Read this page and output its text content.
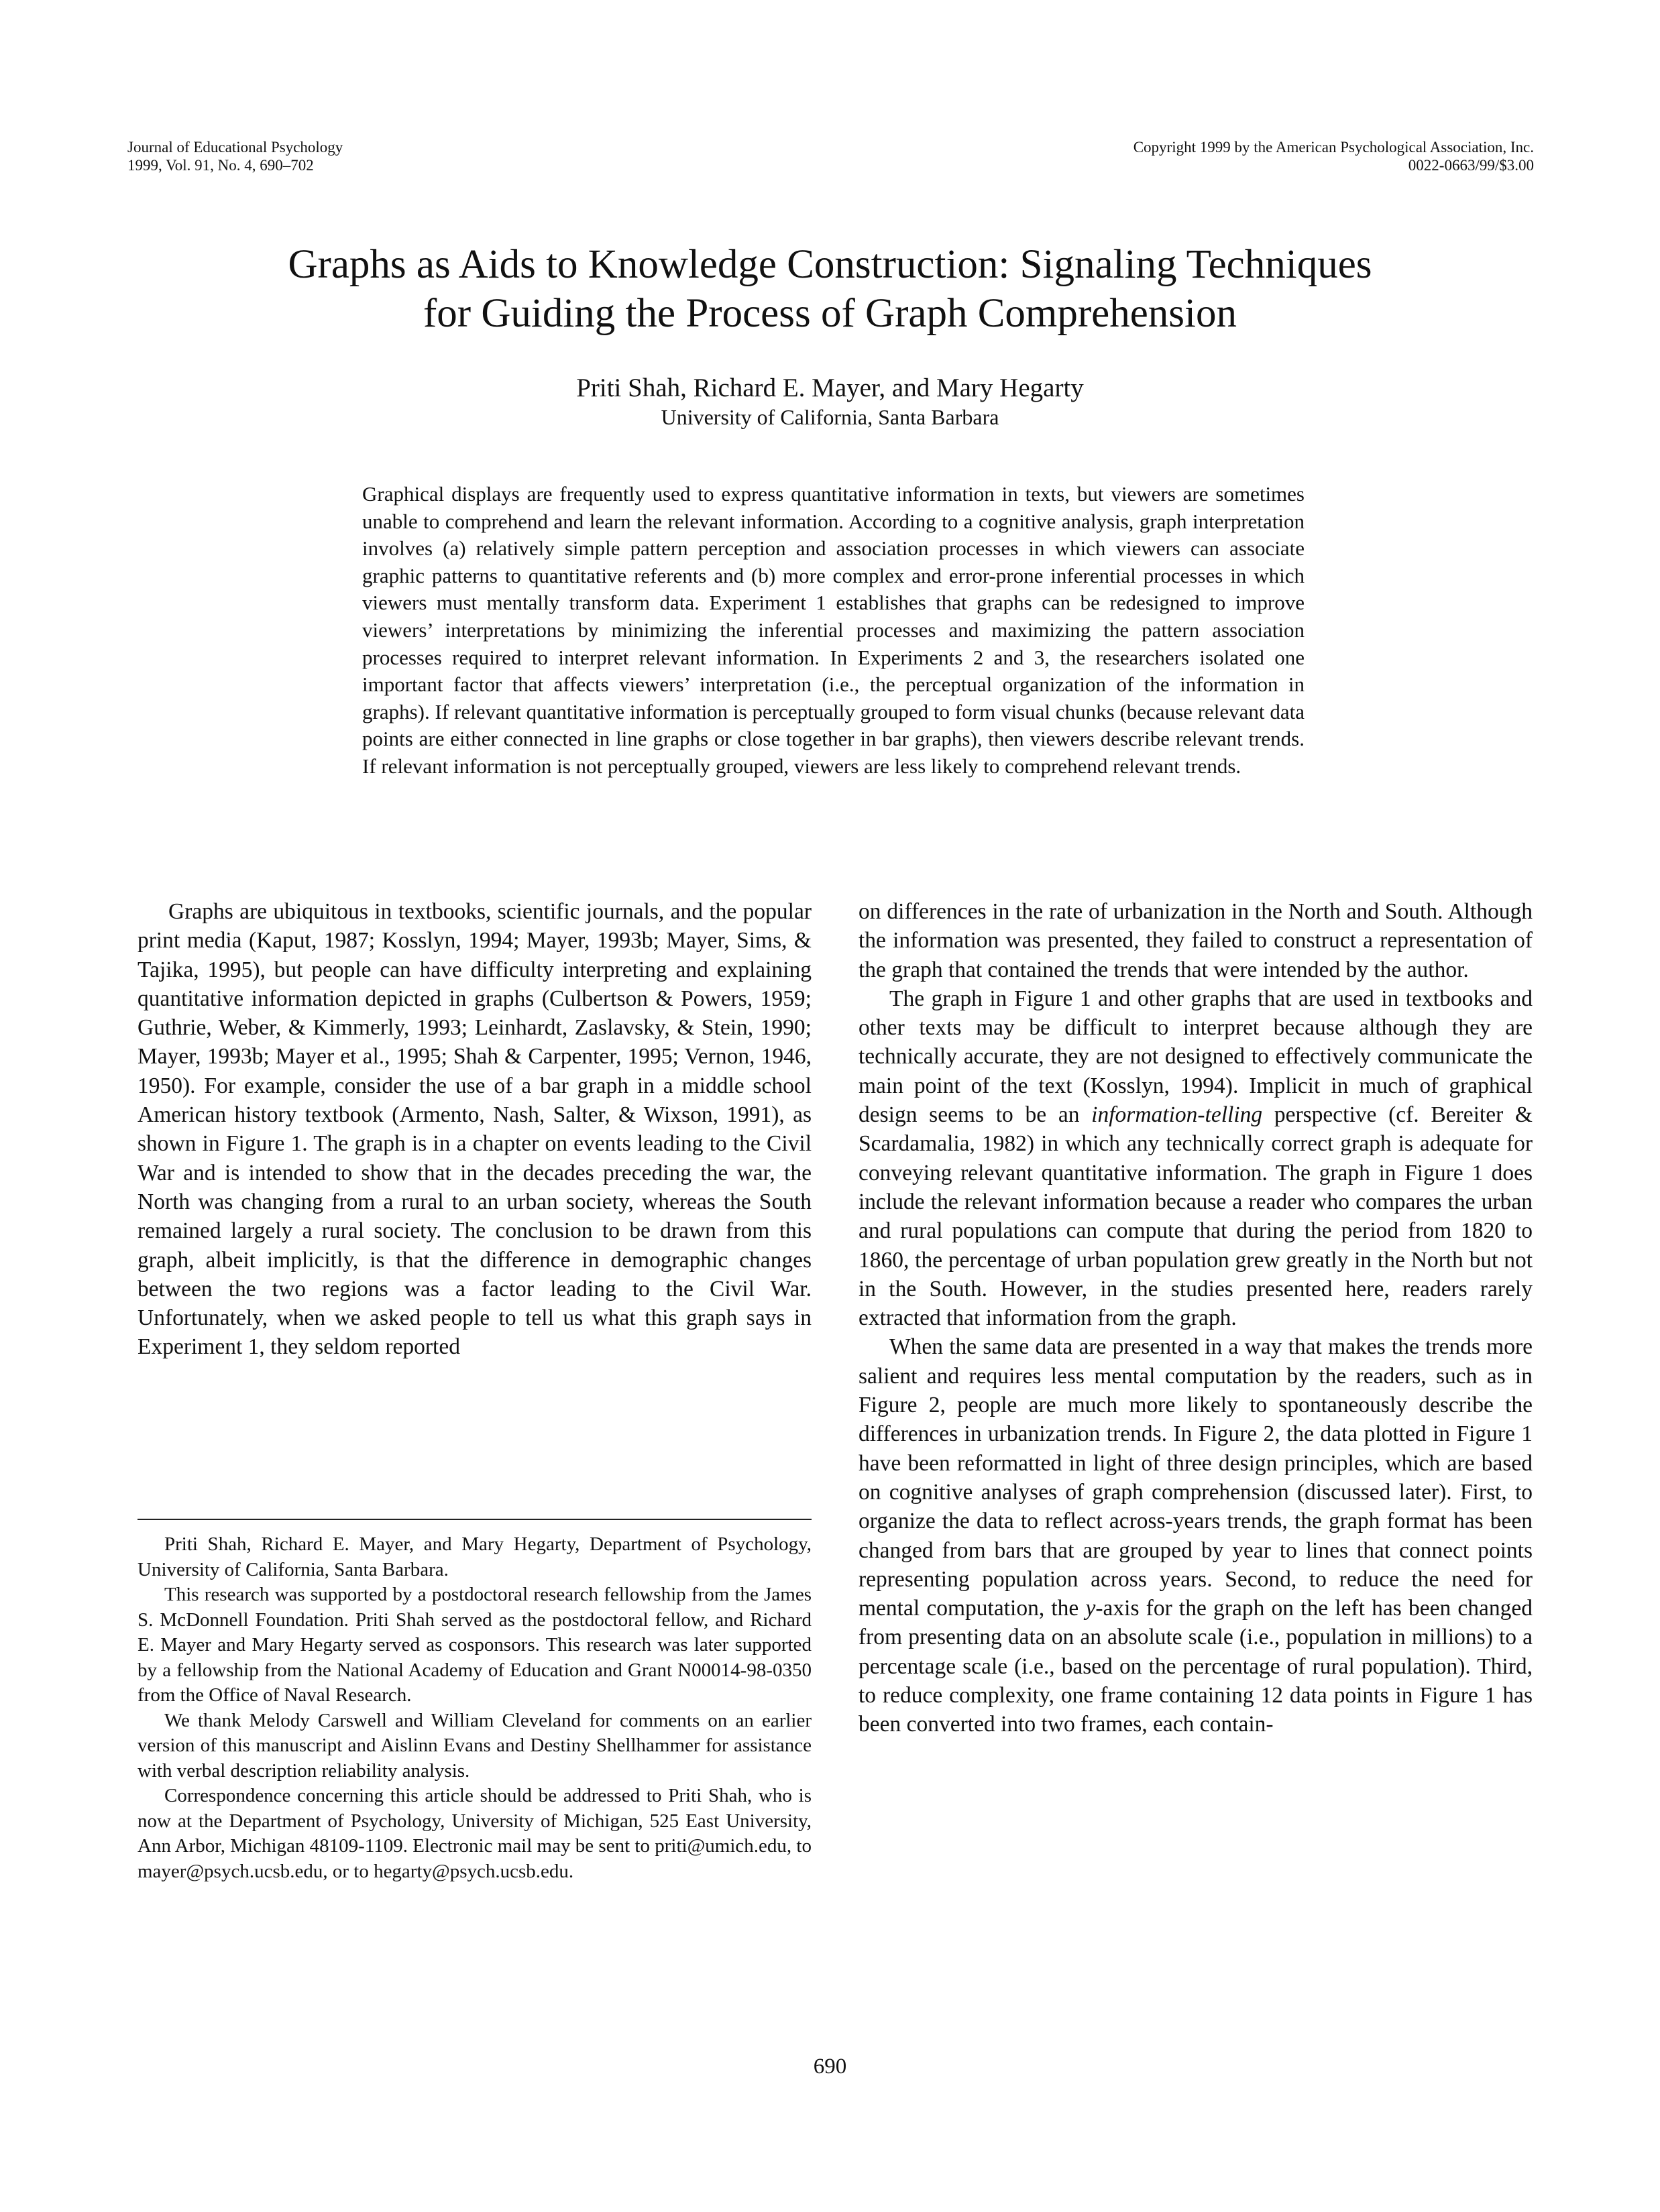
Journal of Educational Psychology
1999, Vol. 91, No. 4, 690–702
Copyright 1999 by the American Psychological Association, Inc.
0022-0663/99/$3.00
Graphs as Aids to Knowledge Construction: Signaling Techniques
for Guiding the Process of Graph Comprehension
Priti Shah, Richard E. Mayer, and Mary Hegarty
University of California, Santa Barbara

Graphical displays are frequently used to express quantitative information in texts, but viewers are sometimes unable to comprehend and learn the relevant information. According to a cognitive analysis, graph interpretation involves (a) relatively simple pattern perception and association processes in which viewers can associate graphic patterns to quantitative referents and (b) more complex and error-prone inferential processes in which viewers must mentally transform data. Experiment 1 establishes that graphs can be redesigned to improve viewers’ interpretations by minimizing the inferential processes and maximizing the pattern association processes required to interpret relevant information. In Experiments 2 and 3, the researchers isolated one important factor that affects viewers’ interpretation (i.e., the perceptual organization of the information in graphs). If relevant quantitative information is perceptually grouped to form visual chunks (because relevant data points are either connected in line graphs or close together in bar graphs), then viewers describe relevant trends. If relevant information is not perceptually grouped, viewers are less likely to comprehend relevant trends.

Graphs are ubiquitous in textbooks, scientific journals, and the popular print media (Kaput, 1987; Kosslyn, 1994; Mayer, 1993b; Mayer, Sims, & Tajika, 1995), but people can have difficulty interpreting and explaining quantitative information depicted in graphs (Culbertson & Powers, 1959; Guthrie, Weber, & Kimmerly, 1993; Leinhardt, Zaslavsky, & Stein, 1990; Mayer, 1993b; Mayer et al., 1995; Shah & Carpenter, 1995; Vernon, 1946, 1950). For example, consider the use of a bar graph in a middle school American history textbook (Armento, Nash, Salter, & Wixson, 1991), as shown in Figure 1. The graph is in a chapter on events leading to the Civil War and is intended to show that in the decades preceding the war, the North was changing from a rural to an urban society, whereas the South remained largely a rural society. The conclusion to be drawn from this graph, albeit implicitly, is that the difference in demographic changes between the two regions was a factor leading to the Civil War. Unfortunately, when we asked people to tell us what this graph says in Experiment 1, they seldom reported

Priti Shah, Richard E. Mayer, and Mary Hegarty, Department of Psychology, University of California, Santa Barbara.

This research was supported by a postdoctoral research fellowship from the James S. McDonnell Foundation. Priti Shah served as the postdoctoral fellow, and Richard E. Mayer and Mary Hegarty served as cosponsors. This research was later supported by a fellowship from the National Academy of Education and Grant N00014-98-0350 from the Office of Naval Research.

We thank Melody Carswell and William Cleveland for comments on an earlier version of this manuscript and Aislinn Evans and Destiny Shellhammer for assistance with verbal description reliability analysis.

Correspondence concerning this article should be addressed to Priti Shah, who is now at the Department of Psychology, University of Michigan, 525 East University, Ann Arbor, Michigan 48109-1109. Electronic mail may be sent to priti@umich.edu, to mayer@psych.ucsb.edu, or to hegarty@psych.ucsb.edu.

on differences in the rate of urbanization in the North and South. Although the information was presented, they failed to construct a representation of the graph that contained the trends that were intended by the author.

The graph in Figure 1 and other graphs that are used in textbooks and other texts may be difficult to interpret because although they are technically accurate, they are not designed to effectively communicate the main point of the text (Kosslyn, 1994). Implicit in much of graphical design seems to be an information-telling perspective (cf. Bereiter & Scardamalia, 1982) in which any technically correct graph is adequate for conveying relevant quantitative information. The graph in Figure 1 does include the relevant information because a reader who compares the urban and rural populations can compute that during the period from 1820 to 1860, the percentage of urban population grew greatly in the North but not in the South. However, in the studies presented here, readers rarely extracted that information from the graph.

When the same data are presented in a way that makes the trends more salient and requires less mental computation by the readers, such as in Figure 2, people are much more likely to spontaneously describe the differences in urbanization trends. In Figure 2, the data plotted in Figure 1 have been reformatted in light of three design principles, which are based on cognitive analyses of graph comprehension (discussed later). First, to organize the data to reflect across-years trends, the graph format has been changed from bars that are grouped by year to lines that connect points representing population across years. Second, to reduce the need for mental computation, the y-axis for the graph on the left has been changed from presenting data on an absolute scale (i.e., population in millions) to a percentage scale (i.e., based on the percentage of rural population). Third, to reduce complexity, one frame containing 12 data points in Figure 1 has been converted into two frames, each contain-

690
